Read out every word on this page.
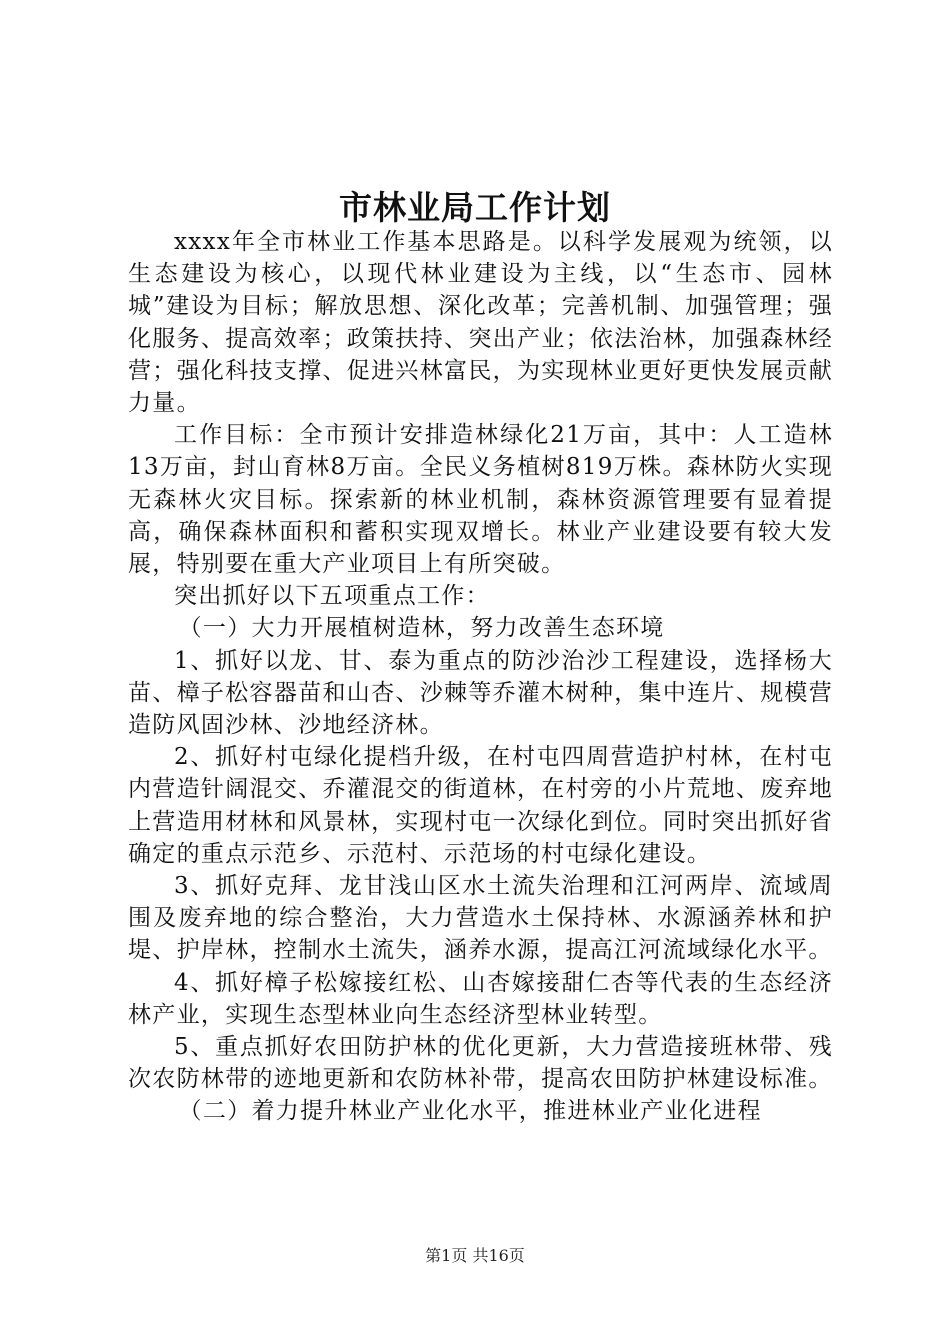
市林业局工作计划

xxxx年全市林业工作基本思路是。以科学发展观为统领，以生态建设为核心，以现代林业建设为主线，以“生态市、园林城”建设为目标；解放思想、深化改革；完善机制、加强管理；强化服务、提高效率；政策扶持、突出产业；依法治林，加强森林经营；强化科技支撑、促进兴林富民，为实现林业更好更快发展贡献力量。

工作目标：全市预计安排造林绿化21万亩，其中：人工造林13万亩，封山育林8万亩。全民义务植树819万株。森林防火实现无森林火灾目标。探索新的林业机制，森林资源管理要有显着提高，确保森林面积和蓄积实现双增长。林业产业建设要有较大发展，特别要在重大产业项目上有所突破。

突出抓好以下五项重点工作：

（一）大力开展植树造林，努力改善生态环境

1、抓好以龙、甘、泰为重点的防沙治沙工程建设，选择杨大苗、樟子松容器苗和山杏、沙棘等乔灌木树种，集中连片、规模营造防风固沙林、沙地经济林。

2、抓好村屯绿化提档升级，在村屯四周营造护村林，在村屯内营造针阔混交、乔灌混交的街道林，在村旁的小片荒地、废弃地上营造用材林和风景林，实现村屯一次绿化到位。同时突出抓好省确定的重点示范乡、示范村、示范场的村屯绿化建设。

3、抓好克拜、龙甘浅山区水土流失治理和江河两岸、流域周围及废弃地的综合整治，大力营造水土保持林、水源涵养林和护堤、护岸林，控制水土流失，涵养水源，提高江河流域绿化水平。

4、抓好樟子松嫁接红松、山杏嫁接甜仁杏等代表的生态经济林产业，实现生态型林业向生态经济型林业转型。

5、重点抓好农田防护林的优化更新，大力营造接班林带、残次农防林带的迹地更新和农防林补带，提高农田防护林建设标准。

（二）着力提升林业产业化水平，推进林业产业化进程

第1页 共16页
